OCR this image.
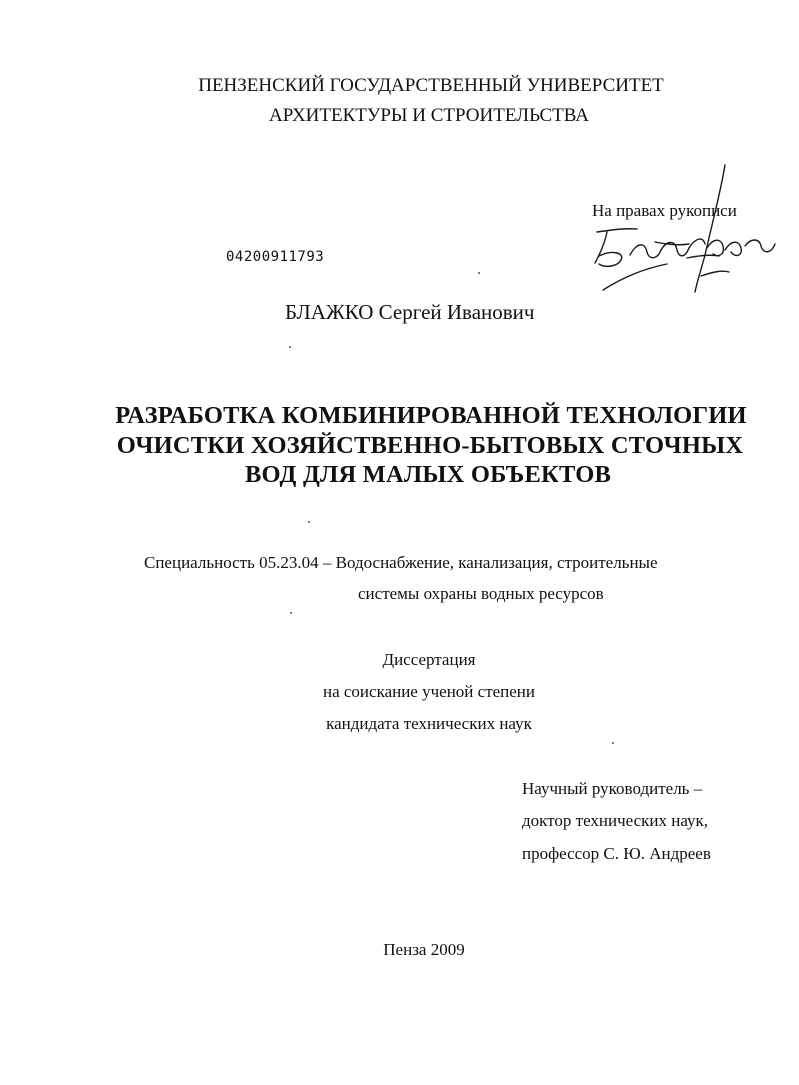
ПЕНЗЕНСКИЙ ГОСУДАРСТВЕННЫЙ УНИВЕРСИТЕТ
АРХИТЕКТУРЫ И СТРОИТЕЛЬСТВА
На правах рукописи
Блажко
04200911793
БЛАЖКО Сергей Иванович
РАЗРАБОТКА КОМБИНИРОВАННОЙ ТЕХНОЛОГИИ
ОЧИСТКИ ХОЗЯЙСТВЕННО-БЫТОВЫХ СТОЧНЫХ
ВОД ДЛЯ МАЛЫХ ОБЪЕКТОВ
Специальность 05.23.04 – Водоснабжение, канализация, строительные
системы охраны водных ресурсов
Диссертация
на соискание ученой степени
кандидата технических наук
Научный руководитель –
доктор технических наук,
профессор С. Ю. Андреев
Пенза 2009
